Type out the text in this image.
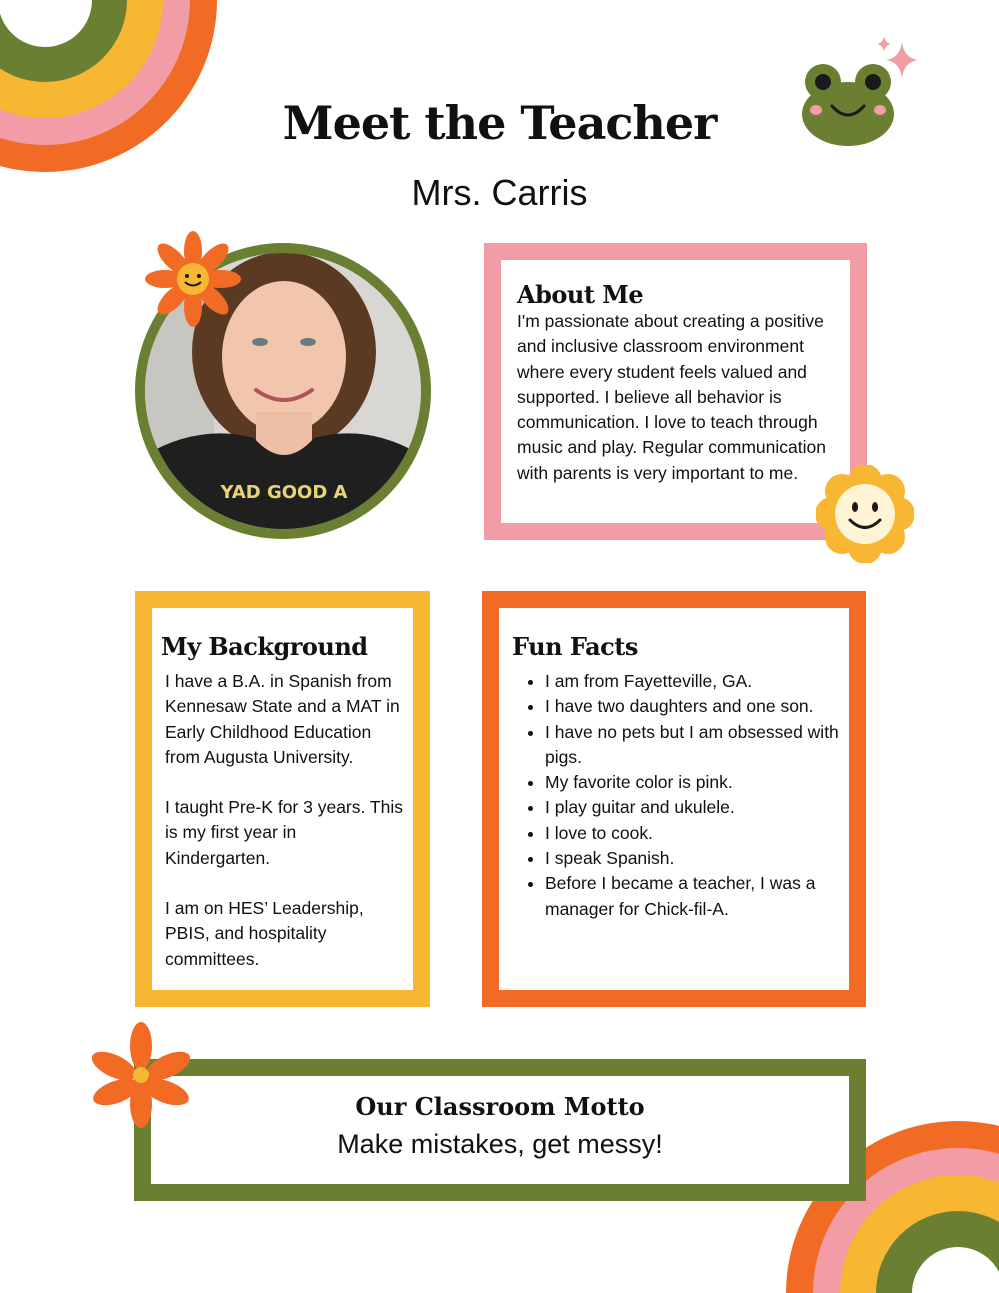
Meet the Teacher
Mrs. Carris
YAD GOOD A
About Me
I'm passionate about creating a positive and inclusive classroom environment where every student feels valued and supported. I believe all behavior is communication. I love to teach through music and play. Regular communication with parents is very important to me.
My Background

I have a B.A. in Spanish from Kennesaw State and a MAT in Early Childhood Education from Augusta University.

I taught Pre-K for 3 years. This is my first year in Kindergarten.

I am on HES’ Leadership, PBIS, and hospitality committees.

Fun Facts
• I am from Fayetteville, GA.
• I have two daughters and one son.
• I have no pets but I am obsessed with pigs.
• My favorite color is pink.
• I play guitar and ukulele.
• I love to cook.
• I speak Spanish.
• Before I became a teacher, I was a manager for Chick-fil-A.
Our Classroom Motto
Make mistakes, get messy!
